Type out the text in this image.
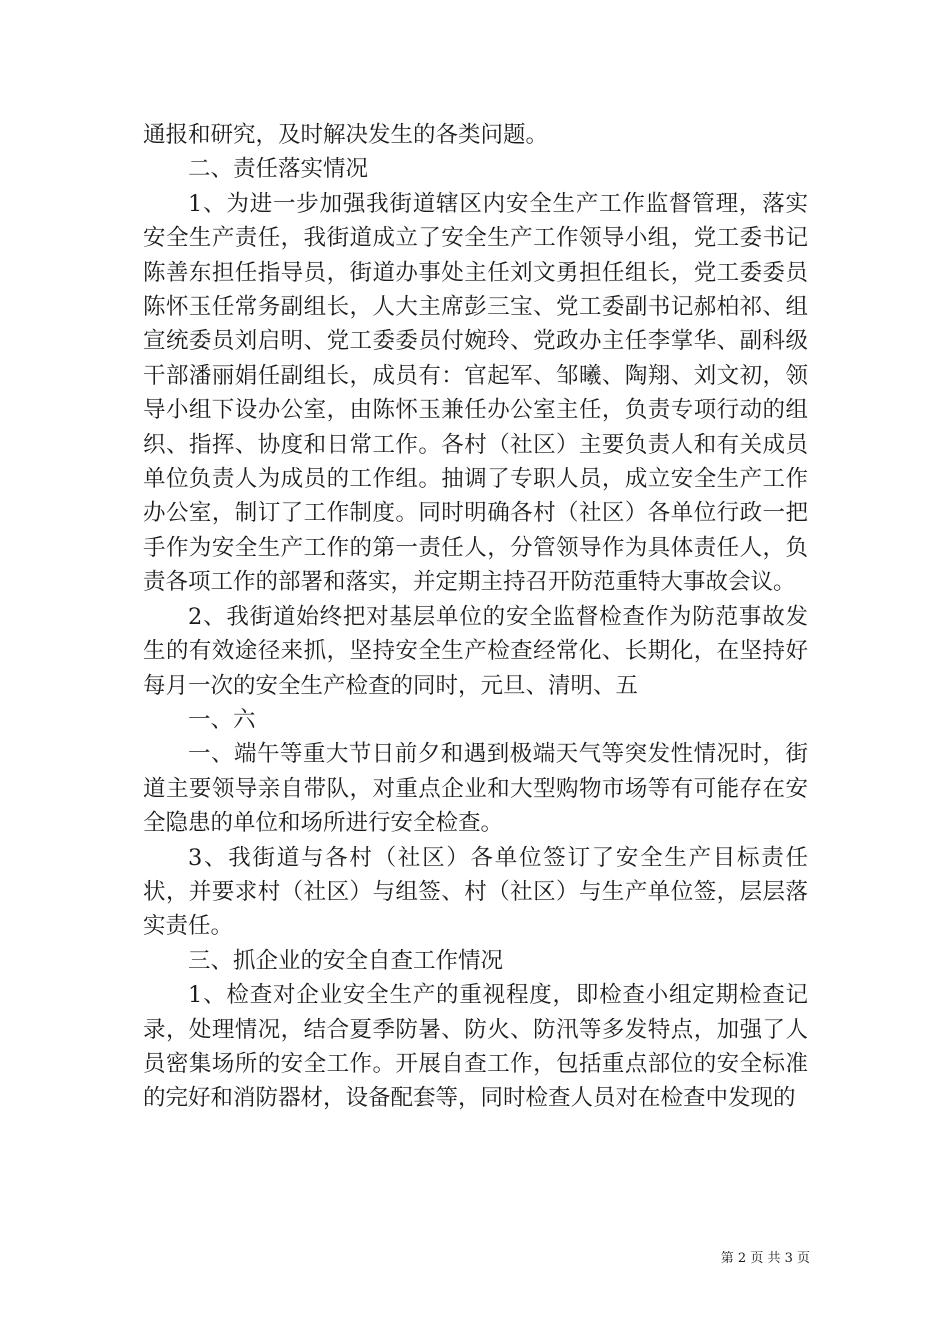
通报和研究，及时解决发生的各类问题。

二、责任落实情况

1、为进一步加强我街道辖区内安全生产工作监督管理，落实安全生产责任，我街道成立了安全生产工作领导小组，党工委书记陈善东担任指导员，街道办事处主任刘文勇担任组长，党工委委员陈怀玉任常务副组长，人大主席彭三宝、党工委副书记郝柏祁、组宣统委员刘启明、党工委委员付婉玲、党政办主任李掌华、副科级干部潘丽娟任副组长，成员有：官起军、邹曦、陶翔、刘文初，领导小组下设办公室，由陈怀玉兼任办公室主任，负责专项行动的组织、指挥、协度和日常工作。各村（社区）主要负责人和有关成员单位负责人为成员的工作组。抽调了专职人员，成立安全生产工作办公室，制订了工作制度。同时明确各村（社区）各单位行政一把手作为安全生产工作的第一责任人，分管领导作为具体责任人，负责各项工作的部署和落实，并定期主持召开防范重特大事故会议。

2、我街道始终把对基层单位的安全监督检查作为防范事故发生的有效途径来抓，坚持安全生产检查经常化、长期化，在坚持好每月一次的安全生产检查的同时，元旦、清明、五

一、六

一、端午等重大节日前夕和遇到极端天气等突发性情况时，街道主要领导亲自带队，对重点企业和大型购物市场等有可能存在安全隐患的单位和场所进行安全检查。

3、我街道与各村（社区）各单位签订了安全生产目标责任状，并要求村（社区）与组签、村（社区）与生产单位签，层层落实责任。

三、抓企业的安全自查工作情况

1、检查对企业安全生产的重视程度，即检查小组定期检查记录，处理情况，结合夏季防暑、防火、防汛等多发特点，加强了人员密集场所的安全工作。开展自查工作，包括重点部位的安全标准的完好和消防器材，设备配套等，同时检查人员对在检查中发现的

第 2 页 共 3 页
